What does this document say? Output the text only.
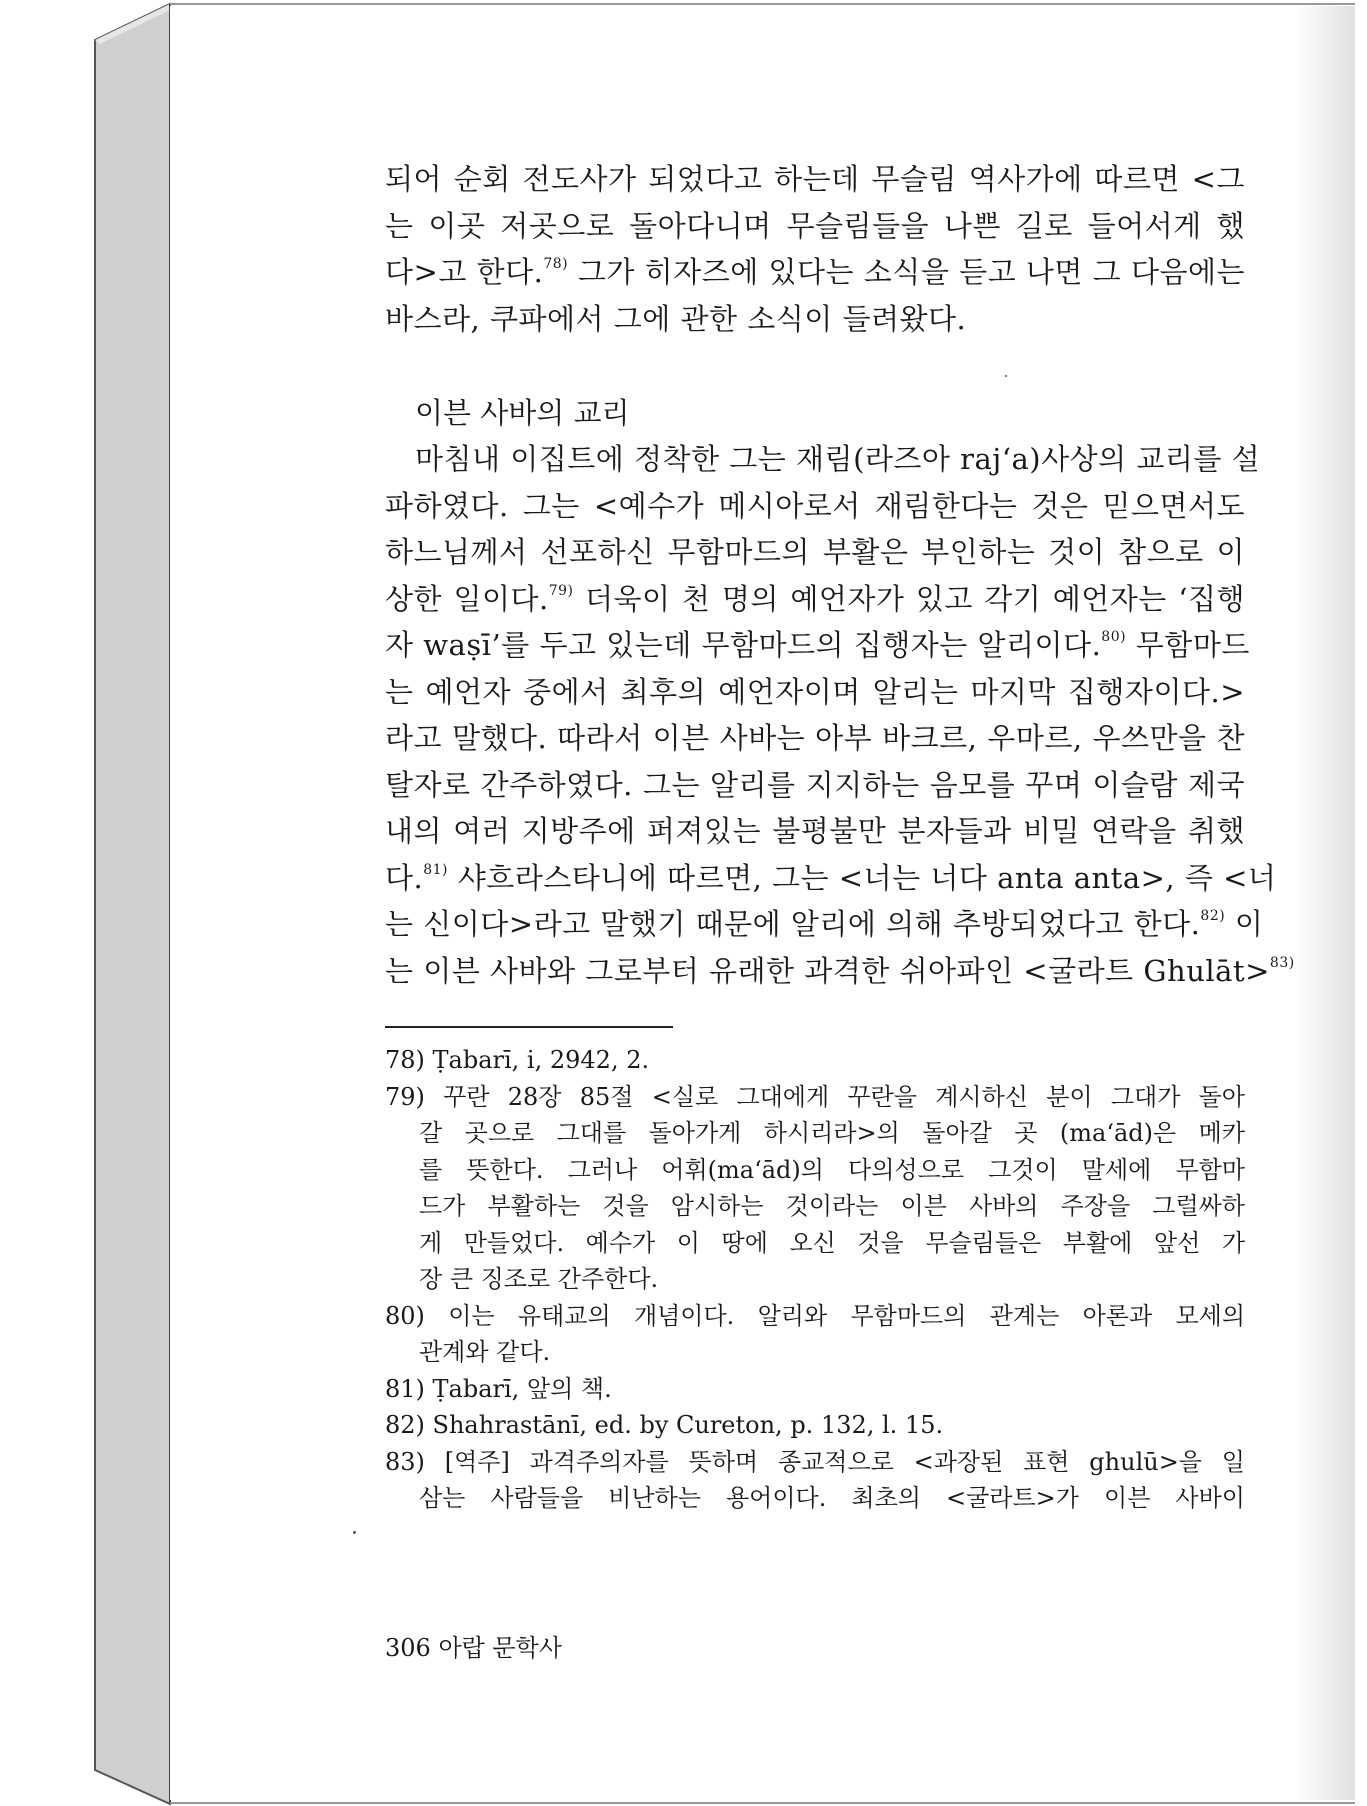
되어 순회 전도사가 되었다고 하는데 무슬림 역사가에 따르면 <그
는 이곳 저곳으로 돌아다니며 무슬림들을 나쁜 길로 들어서게 했
다>고 한다.$^{78)}$ 그가 히자즈에 있다는 소식을 듣고 나면 그 다음에는
바스라, 쿠파에서 그에 관한 소식이 들려왔다.
이븐 사바의 교리
마침내 이집트에 정착한 그는 재림(라즈아 raj‘a)사상의 교리를 설
파하였다. 그는 <예수가 메시아로서 재림한다는 것은 믿으면서도
하느님께서 선포하신 무함마드의 부활은 부인하는 것이 참으로 이
상한 일이다.$^{79)}$ 더욱이 천 명의 예언자가 있고 각기 예언자는 ‘집행
자 waṣī’를 두고 있는데 무함마드의 집행자는 알리이다.$^{80)}$ 무함마드
는 예언자 중에서 최후의 예언자이며 알리는 마지막 집행자이다.>
라고 말했다. 따라서 이븐 사바는 아부 바크르, 우마르, 우쓰만을 찬
탈자로 간주하였다. 그는 알리를 지지하는 음모를 꾸며 이슬람 제국
내의 여러 지방주에 퍼져있는 불평불만 분자들과 비밀 연락을 취했
다.$^{81)}$ 샤흐라스타니에 따르면, 그는 <너는 너다 anta anta>, 즉 <너
는 신이다>라고 말했기 때문에 알리에 의해 추방되었다고 한다.$^{82)}$ 이
는 이븐 사바와 그로부터 유래한 과격한 쉬아파인 <굴라트 Ghulāt>$^{83)}$
78) Ṭabarī, i, 2942, 2.
79) 꾸란 28장 85절 <실로 그대에게 꾸란을 계시하신 분이 그대가 돌아
갈 곳으로 그대를 돌아가게 하시리라>의 돌아갈 곳 (ma‘ād)은 메카
를 뜻한다. 그러나 어휘(ma‘ād)의 다의성으로 그것이 말세에 무함마
드가 부활하는 것을 암시하는 것이라는 이븐 사바의 주장을 그럴싸하
게 만들었다. 예수가 이 땅에 오신 것을 무슬림들은 부활에 앞선 가
장 큰 징조로 간주한다.
80) 이는 유태교의 개념이다. 알리와 무함마드의 관계는 아론과 모세의
관계와 같다.
81) Ṭabarī, 앞의 책.
82) Shahrastānī, ed. by Cureton, p. 132, l. 15.
83) [역주] 과격주의자를 뜻하며 종교적으로 <과장된 표현 ghulū>을 일
삼는 사람들을 비난하는 용어이다. 최초의 <굴라트>가 이븐 사바이
306 아랍 문학사
